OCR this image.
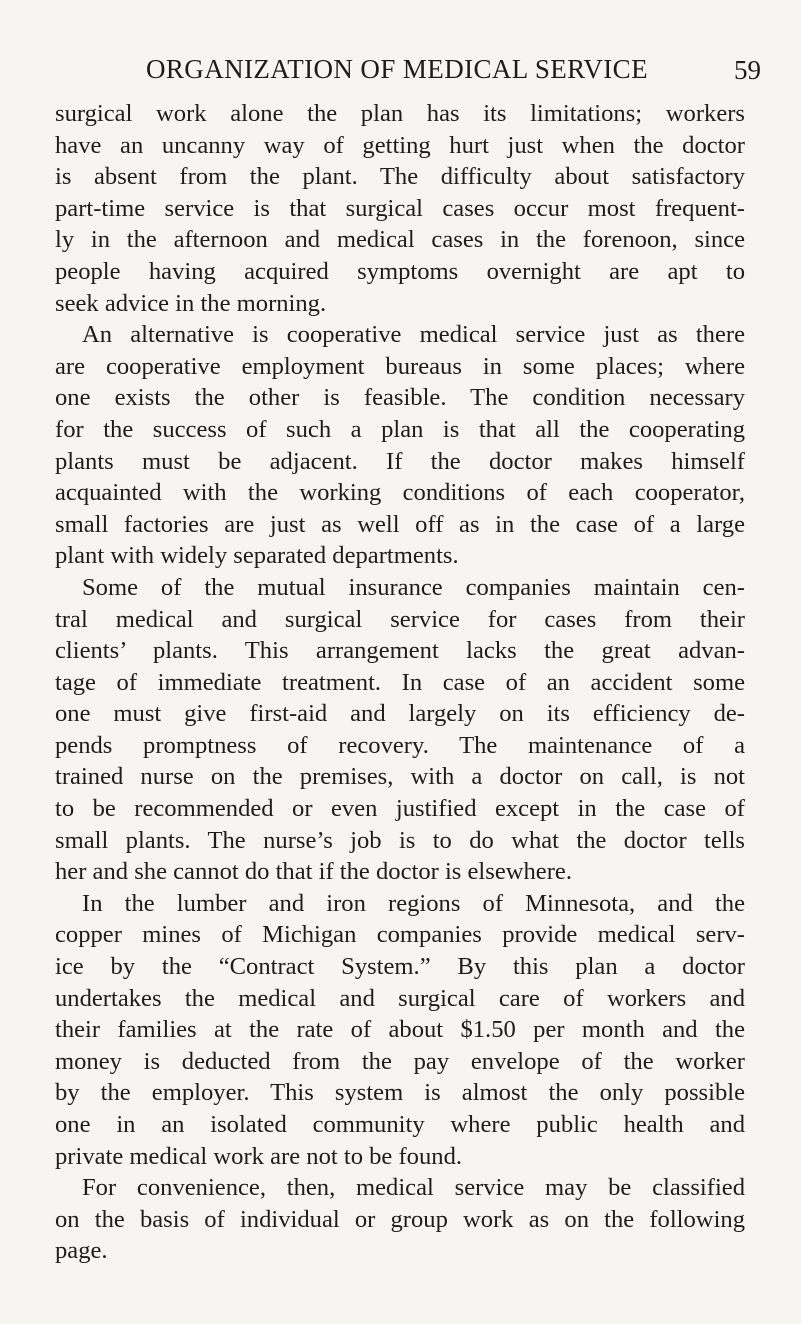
ORGANIZATION OF MEDICAL SERVICE	59
surgical work alone the plan has its limitations; workers
have an uncanny way of getting hurt just when the doctor
is absent from the plant. The difficulty about satisfactory
part-time service is that surgical cases occur most frequent-
ly in the afternoon and medical cases in the forenoon, since
people having acquired symptoms overnight are apt to
seek advice in the morning.
An alternative is cooperative medical service just as there
are cooperative employment bureaus in some places; where
one exists the other is feasible. The condition necessary
for the success of such a plan is that all the cooperating
plants must be adjacent. If the doctor makes himself
acquainted with the working conditions of each cooperator,
small factories are just as well off as in the case of a large
plant with widely separated departments.
Some of the mutual insurance companies maintain cen-
tral medical and surgical service for cases from their
clients’ plants. This arrangement lacks the great advan-
tage of immediate treatment. In case of an accident some
one must give first-aid and largely on its efficiency de-
pends promptness of recovery. The maintenance of a
trained nurse on the premises, with a doctor on call, is not
to be recommended or even justified except in the case of
small plants. The nurse’s job is to do what the doctor tells
her and she cannot do that if the doctor is elsewhere.
In the lumber and iron regions of Minnesota, and the
copper mines of Michigan companies provide medical serv-
ice by the “Contract System.” By this plan a doctor
undertakes the medical and surgical care of workers and
their families at the rate of about $1.50 per month and the
money is deducted from the pay envelope of the worker
by the employer. This system is almost the only possible
one in an isolated community where public health and
private medical work are not to be found.
For convenience, then, medical service may be classified
on the basis of individual or group work as on the following
page.
